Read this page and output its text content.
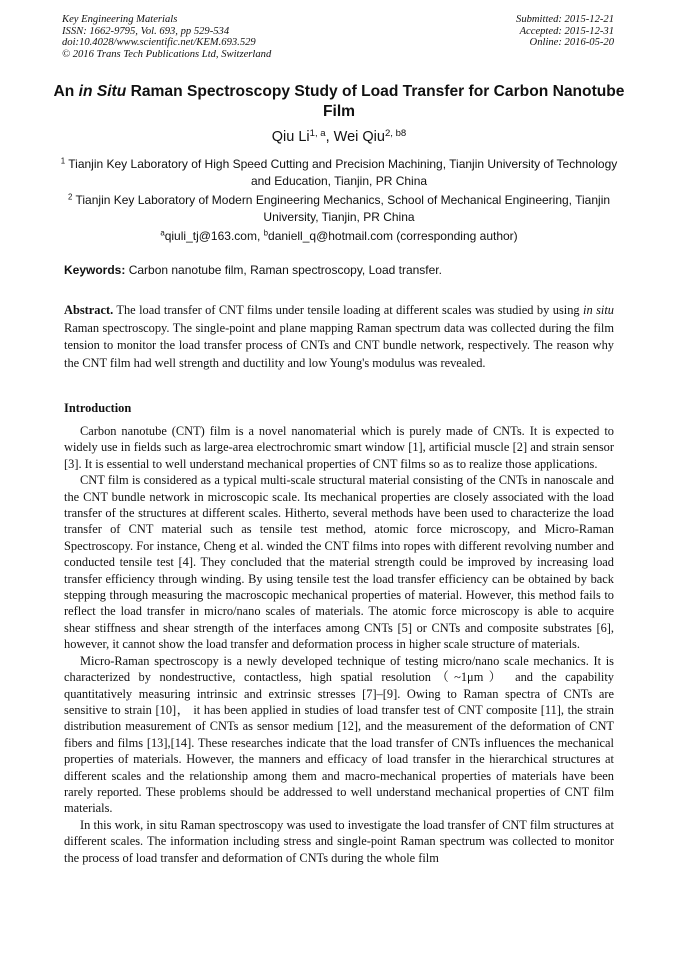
Key Engineering Materials
ISSN: 1662-9795, Vol. 693, pp 529-534
doi:10.4028/www.scientific.net/KEM.693.529
© 2016 Trans Tech Publications Ltd, Switzerland
Submitted: 2015-12-21
Accepted: 2015-12-31
Online: 2016-05-20
An in Situ Raman Spectroscopy Study of Load Transfer for Carbon Nanotube Film
Qiu Li$^{1, a}$, Wei Qiu$^{2, b8}$
$^1$ Tianjin Key Laboratory of High Speed Cutting and Precision Machining, Tianjin University of Technology and Education, Tianjin, PR China
$^2$ Tianjin Key Laboratory of Modern Engineering Mechanics, School of Mechanical Engineering, Tianjin University, Tianjin, PR China
$^a$qiuli_tj@163.com, $^b$daniell_q@hotmail.com (corresponding author)
Keywords: Carbon nanotube film, Raman spectroscopy, Load transfer.

Abstract. The load transfer of CNT films under tensile loading at different scales was studied by using in situ Raman spectroscopy. The single-point and plane mapping Raman spectrum data was collected during the film tension to monitor the load transfer process of CNTs and CNT bundle network, respectively. The reason why the CNT film had well strength and ductility and low Young's modulus was revealed.

Introduction

Carbon nanotube (CNT) film is a novel nanomaterial which is purely made of CNTs. It is expected to widely use in fields such as large-area electrochromic smart window [1], artificial muscle [2] and strain sensor [3]. It is essential to well understand mechanical properties of CNT films so as to realize those applications.

CNT film is considered as a typical multi-scale structural material consisting of the CNTs in nanoscale and the CNT bundle network in microscopic scale. Its mechanical properties are closely associated with the load transfer of the structures at different scales. Hitherto, several methods have been used to characterize the load transfer of CNT material such as tensile test method, atomic force microscopy, and Micro-Raman Spectroscopy. For instance, Cheng et al. winded the CNT films into ropes with different revolving number and conducted tensile test [4]. They concluded that the material strength could be improved by increasing load transfer efficiency through winding. By using tensile test the load transfer efficiency can be obtained by back stepping through measuring the macroscopic mechanical properties of material. However, this method fails to reflect the load transfer in micro/nano scales of materials. The atomic force microscopy is able to acquire shear stiffness and shear strength of the interfaces among CNTs [5] or CNTs and composite substrates [6], however, it cannot show the load transfer and deformation process in higher scale structure of materials.

Micro-Raman spectroscopy is a newly developed technique of testing micro/nano scale mechanics. It is characterized by nondestructive, contactless, high spatial resolution（~1μm） and the capability quantitatively measuring intrinsic and extrinsic stresses [7]–[9]. Owing to Raman spectra of CNTs are sensitive to strain [10]， it has been applied in studies of load transfer test of CNT composite [11], the strain distribution measurement of CNTs as sensor medium [12], and the measurement of the deformation of CNT fibers and films [13],[14]. These researches indicate that the load transfer of CNTs influences the mechanical properties of materials. However, the manners and efficacy of load transfer in the hierarchical structures at different scales and the relationship among them and macro-mechanical properties of materials have been rarely reported. These problems should be addressed to well understand mechanical properties of CNT film materials.

In this work, in situ Raman spectroscopy was used to investigate the load transfer of CNT film structures at different scales. The information including stress and single-point Raman spectrum was collected to monitor the process of load transfer and deformation of CNTs during the whole film
